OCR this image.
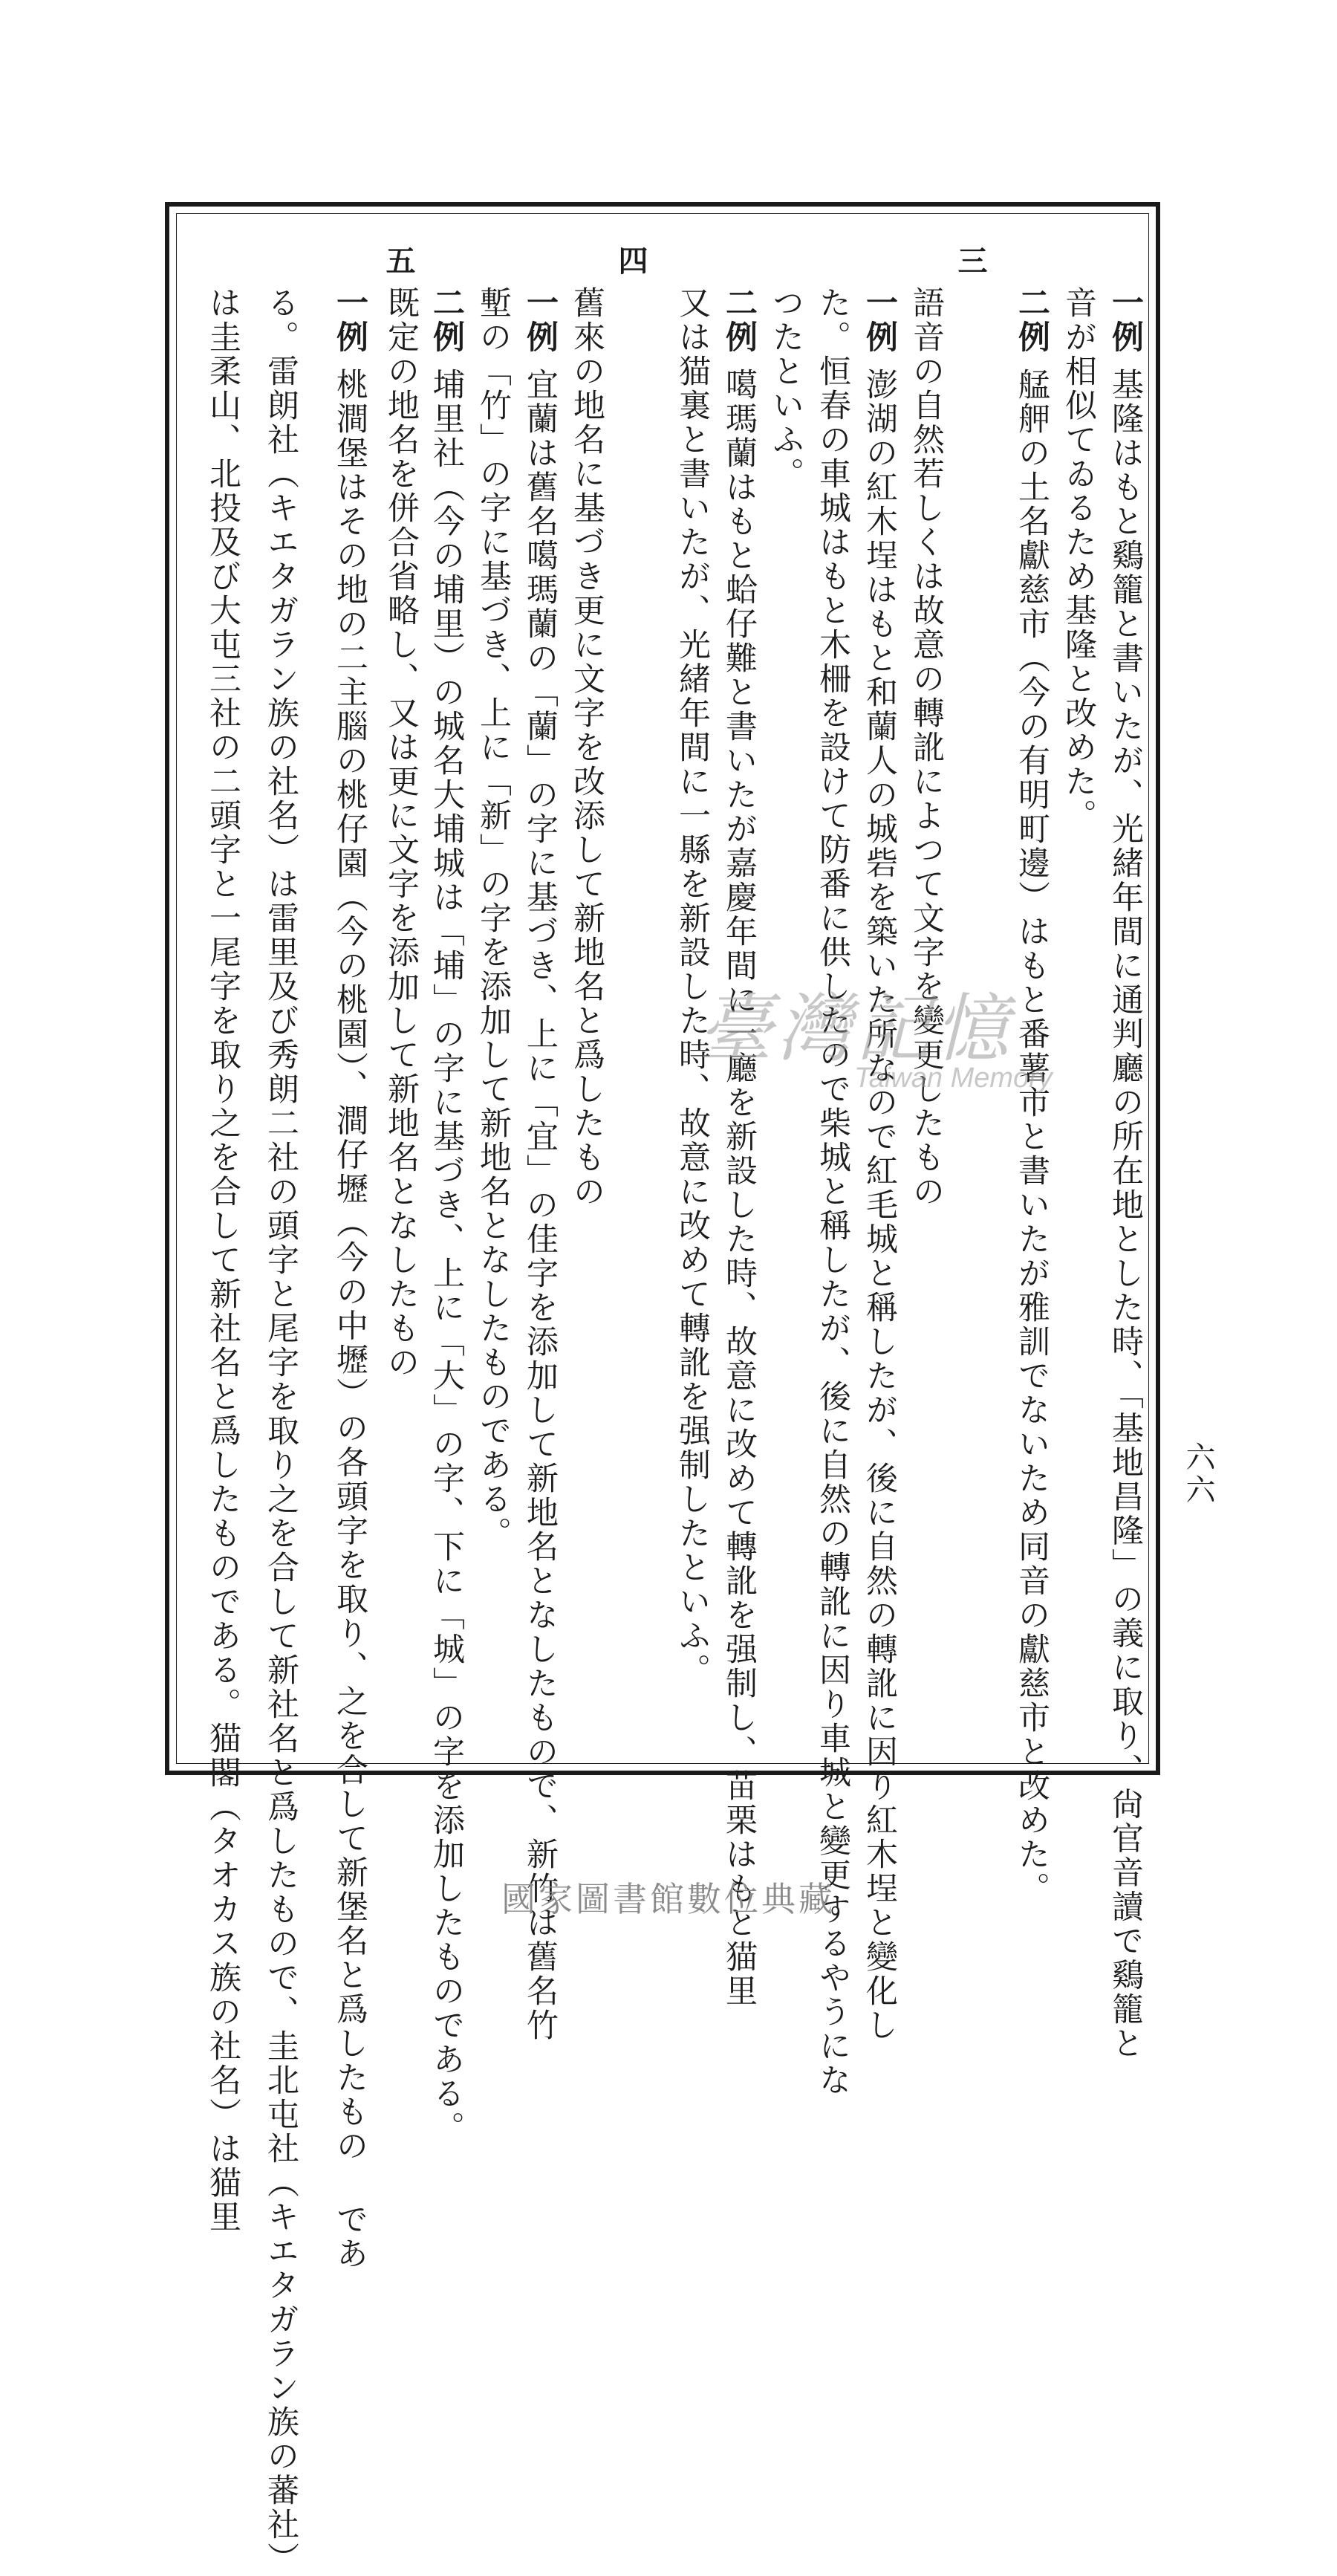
一例基隆はもと鷄籠と書いたが、光緒年間に通判廳の所在地とした時、「基地昌隆」の義に取り、尙官音讀で鷄籠と
音が相似てゐるため基隆と改めた。
二例艋舺の土名獻慈市（今の有明町邊）はもと番薯市と書いたが雅訓でないため同音の獻慈市と改めた。
三
語音の自然若しくは故意の轉訛によつて文字を變更したもの
一例澎湖の紅木埕はもと和蘭人の城砦を築いた所なので紅毛城と稱したが、後に自然の轉訛に因り紅木埕と變化し
た。恒春の車城はもと木柵を設けて防番に供したので柴城と稱したが、後に自然の轉訛に因り車城と變更するやうにな
つたといふ。
二例噶瑪蘭はもと蛤仔難と書いたが嘉慶年間に一廳を新設した時、故意に改めて轉訛を强制し、苗栗はもと猫里
又は猫裏と書いたが、光緒年間に一縣を新設した時、故意に改めて轉訛を强制したといふ。
四
舊來の地名に基づき更に文字を改添して新地名と爲したもの
一例宜蘭は舊名噶瑪蘭の「蘭」の字に基づき、上に「宜」の佳字を添加して新地名となしたもので、新竹は舊名竹
塹の「竹」の字に基づき、上に「新」の字を添加して新地名となしたものである。
二例埔里社（今の埔里）の城名大埔城は「埔」の字に基づき、上に「大」の字、下に「城」の字を添加したものである。
五
既定の地名を併合省略し、又は更に文字を添加して新地名となしたもの
一例桃澗堡はその地の二主腦の桃仔園（今の桃園）、澗仔壢（今の中壢）の各頭字を取り、之を合して新堡名と爲したもの であ
る。雷朗社（キエタガラン族の社名）は雷里及び秀朗二社の頭字と尾字を取り之を合して新社名と爲したもので、圭北屯社（キエタガラン族の蕃社）
は圭柔山、北投及び大屯三社の二頭字と一尾字を取り之を合して新社名と爲したものである。猫閣（タオカス族の社名）は猫里	六六
臺灣記憶
Taiwan Memory
國家圖書館數位典藏
